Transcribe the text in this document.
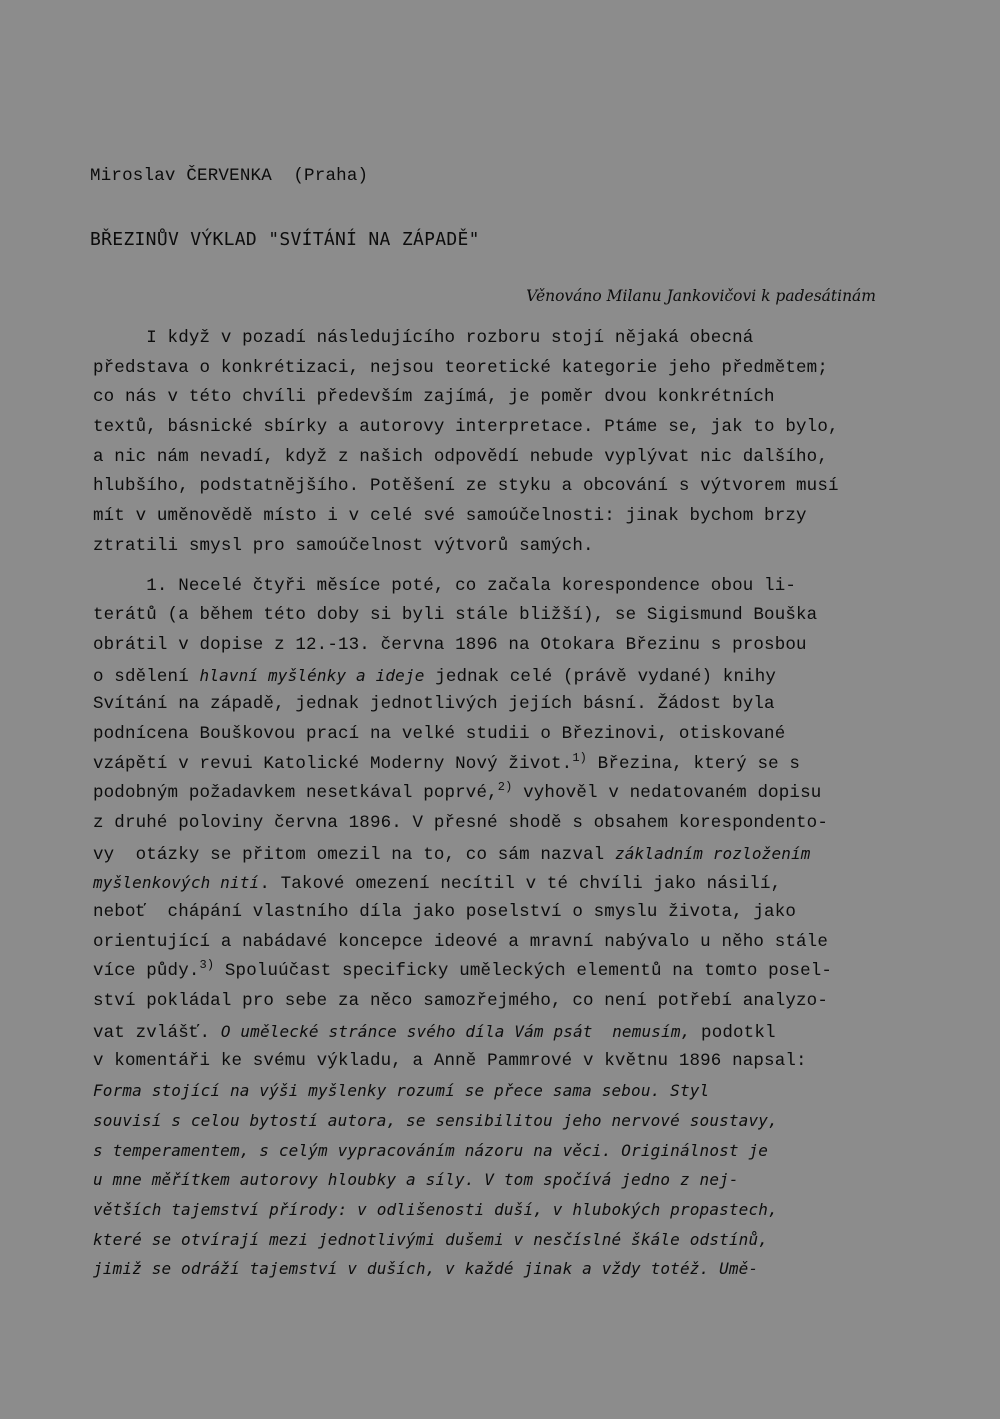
Miroslav ČERVENKA  (Praha)
BŘEZINŮV VÝKLAD "SVÍTÁNÍ NA ZÁPADĚ"
Věnováno Milanu Jankovičovi k padesátinám
I když v pozadí následujícího rozboru stojí nějaká obecná
představa o konkrétizaci, nejsou teoretické kategorie jeho předmětem;
co nás v této chvíli především zajímá, je poměr dvou konkrétních
textů, básnické sbírky a autorovy interpretace. Ptáme se, jak to bylo,
a nic nám nevadí, když z našich odpovědí nebude vyplývat nic dalšího,
hlubšího, podstatnějšího. Potěšení ze styku a obcování s výtvorem musí
mít v uměnovědě místo i v celé své samoúčelnosti: jinak bychom brzy
ztratili smysl pro samoúčelnost výtvorů samých.
1. Necelé čtyři měsíce poté, co začala korespondence obou li-
terátů (a během této doby si byli stále bližší), se Sigismund Bouška
obrátil v dopise z 12.-13. června 1896 na Otokara Březinu s prosbou
o sdělení hlavní myšlénky a ideje jednak celé (právě vydané) knihy
Svítání na západě, jednak jednotlivých jejích básní. Žádost byla
podnícena Bouškovou prací na velké studii o Březinovi, otiskované
vzápětí v revui Katolické Moderny Nový život.$^{1)}$ Březina, který se s
podobným požadavkem nesetkával poprvé,$^{2)}$ vyhověl v nedatovaném dopisu
z druhé poloviny června 1896. V přesné shodě s obsahem korespondento-
vy  otázky se přitom omezil na to, co sám nazval základním rozložením
myšlenkových nití. Takové omezení necítil v té chvíli jako násilí,
neboť  chápání vlastního díla jako poselství o smyslu života, jako
orientující a nabádavé koncepce ideové a mravní nabývalo u něho stále
více půdy.$^{3)}$ Spoluúčast specificky uměleckých elementů na tomto posel-
ství pokládal pro sebe za něco samozřejmého, co není potřebí analyzo-
vat zvlášť. O umělecké stránce svého díla Vám psát  nemusím, podotkl
v komentáři ke svému výkladu, a Anně Pammrové v květnu 1896 napsal:
Forma stojící na výši myšlenky rozumí se přece sama sebou. Styl
souvisí s celou bytostí autora, se sensibilitou jeho nervové soustavy,
s temperamentem, s celým vypracováním názoru na věci. Originálnost je
u mne měřítkem autorovy hloubky a síly. V tom spočívá jedno z nej-
větších tajemství přírody: v odlišenosti duší, v hlubokých propastech,
které se otvírají mezi jednotlivými dušemi v nesčíslné škále odstínů,
jimiž se odráží tajemství v duších, v každé jinak a vždy totéž. Umě-
